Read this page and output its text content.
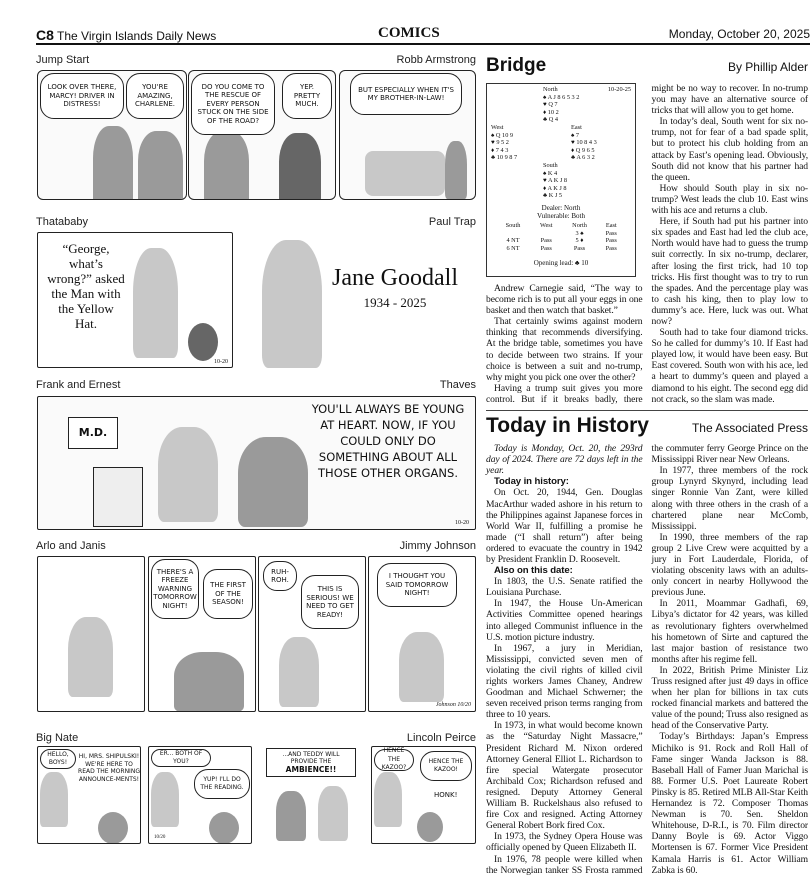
C8 The Virgin Islands Daily News	COMICS	Monday, October 20, 2025
Jump Start	Robb Armstrong
LOOK OVER THERE, MARCY! DRIVER IN DISTRESS!
YOU'RE AMAZING, CHARLENE.
DO YOU COME TO THE RESCUE OF EVERY PERSON STUCK ON THE SIDE OF THE ROAD?
YEP. PRETTY MUCH.
BUT ESPECIALLY WHEN IT'S MY BROTHER-IN-LAW!
Thatababy	Paul Trap
“George, what’s wrong?” asked the Man with the Yellow Hat.
10-20
Jane Goodall
1934 - 2025
Frank and Ernest	Thaves
M.D.
YOU'LL ALWAYS BE YOUNG AT HEART. NOW, IF YOU COULD ONLY DO SOMETHING ABOUT ALL THOSE OTHER ORGANS.
10-20
Arlo and Janis	Jimmy Johnson
THERE'S A FREEZE WARNING TOMORROW NIGHT!
THE FIRST OF THE SEASON!
RUH-ROH.
THIS IS SERIOUS! WE NEED TO GET READY!
I THOUGHT YOU SAID TOMORROW NIGHT!
Johnson 10/20
Big Nate	Lincoln Peirce
HELLO, BOYS!
HI, MRS. SHIPULSKI! WE'RE HERE TO READ THE MORNING ANNOUNCE-MENTS!
ER... BOTH OF YOU?
YUP! I'LL DO THE READING.
10/20
...AND TEDDY WILL PROVIDE THE
AMBIENCE!!
HENCE THE KAZOO?
HENCE THE KAZOO!
HONK!
Bridge	By Phillip Alder
North
♠ A J 8 6 5 3 2
♥ Q 7
♦ 10 2
♣ Q 4
10-20-25
West
♠ Q 10 9
♥ 9 5 2
♦ 7 4 3
♣ 10 9 8 7
East
♠ 7
♥ 10 8 4 3
♦ Q 9 6 5
♣ A 6 3 2
South
♠ K 4
♥ A K J 8
♦ A K J 8
♣ K J 5
Dealer: North
Vulnerable: Both
South	West	North	East
		3 ♠	Pass
4 NT	Pass	5 ♦	Pass
6 NT	Pass	Pass	Pass
Opening lead: ♣ 10

Andrew Carnegie said, “The way to become rich is to put all your eggs in one basket and then watch that basket.”

That certainly swims against modern thinking that recommends diversifying. At the bridge table, sometimes you have to decide between two strains. If your choice is between a suit and no-trump, why might you pick one over the other?

Having a trump suit gives you more control. But if it breaks badly, there might be no way to recover. In no-trump you may have an alternative source of tricks that will allow you to get home.

In today’s deal, South went for six no-trump, not for fear of a bad spade split, but to protect his club holding from an attack by East’s opening lead. Obviously, South did not know that his partner had the queen.

How should South play in six no-trump? West leads the club 10. East wins with his ace and returns a club.

Here, if South had put his partner into six spades and East had led the club ace, North would have had to guess the trump suit correctly. In six no-trump, declarer, after losing the first trick, had 10 top tricks. His first thought was to try to run the spades. And the percentage play was to cash his king, then to play low to dummy’s ace. Here, luck was out. What now?

South had to take four diamond tricks. So he called for dummy’s 10. If East had played low, it would have been easy. But East covered. South won with his ace, led a heart to dummy’s queen and played a diamond to his eight. The second egg did not crack, so the slam was made.

Today in History	The Associated Press

Today is Monday, Oct. 20, the 293rd day of 2024. There are 72 days left in the year.

Today in history:

On Oct. 20, 1944, Gen. Douglas MacArthur waded ashore in his return to the Philippines against Japanese forces in World War II, fulfilling a promise he made (“I shall return”) after being ordered to evacuate the country in 1942 by President Franklin D. Roosevelt.

Also on this date:

In 1803, the U.S. Senate ratified the Louisiana Purchase.

In 1947, the House Un-American Activities Committee opened hearings into alleged Communist influence in the U.S. motion picture industry.

In 1967, a jury in Meridian, Mississippi, convicted seven men of violating the civil rights of killed civil rights workers James Chaney, Andrew Goodman and Michael Schwerner; the seven received prison terms ranging from three to 10 years.

In 1973, in what would become known as the “Saturday Night Massacre,” President Richard M. Nixon ordered Attorney General Elliot L. Richardson to fire special Watergate prosecutor Archibald Cox; Richardson refused and resigned. Deputy Attorney General William B. Ruckelshaus also refused to fire Cox and resigned. Acting Attorney General Robert Bork fired Cox.

In 1973, the Sydney Opera House was officially opened by Queen Elizabeth II.

In 1976, 78 people were killed when the Norwegian tanker SS Frosta rammed the commuter ferry George Prince on the Mississippi River near New Orleans.

In 1977, three members of the rock group Lynyrd Skynyrd, including lead singer Ronnie Van Zant, were killed along with three others in the crash of a chartered plane near McComb, Mississippi.

In 1990, three members of the rap group 2 Live Crew were acquitted by a jury in Fort Lauderdale, Florida, of violating obscenity laws with an adults-only concert in nearby Hollywood the previous June.

In 2011, Moammar Gadhafi, 69, Libya’s dictator for 42 years, was killed as revolutionary fighters overwhelmed his hometown of Sirte and captured the last major bastion of resistance two months after his regime fell.

In 2022, British Prime Minister Liz Truss resigned after just 49 days in office when her plan for billions in tax cuts rocked financial markets and battered the value of the pound; Truss also resigned as head of the Conservative Party.

Today’s Birthdays: Japan’s Empress Michiko is 91. Rock and Roll Hall of Fame singer Wanda Jackson is 88. Baseball Hall of Famer Juan Marichal is 88. Former U.S. Poet Laureate Robert Pinsky is 85. Retired MLB All-Star Keith Hernandez is 72. Composer Thomas Newman is 70. Sen. Sheldon Whitehouse, D-R.I., is 70. Film director Danny Boyle is 69. Actor Viggo Mortensen is 67. Former Vice President Kamala Harris is 61. Actor William Zabka is 60.
